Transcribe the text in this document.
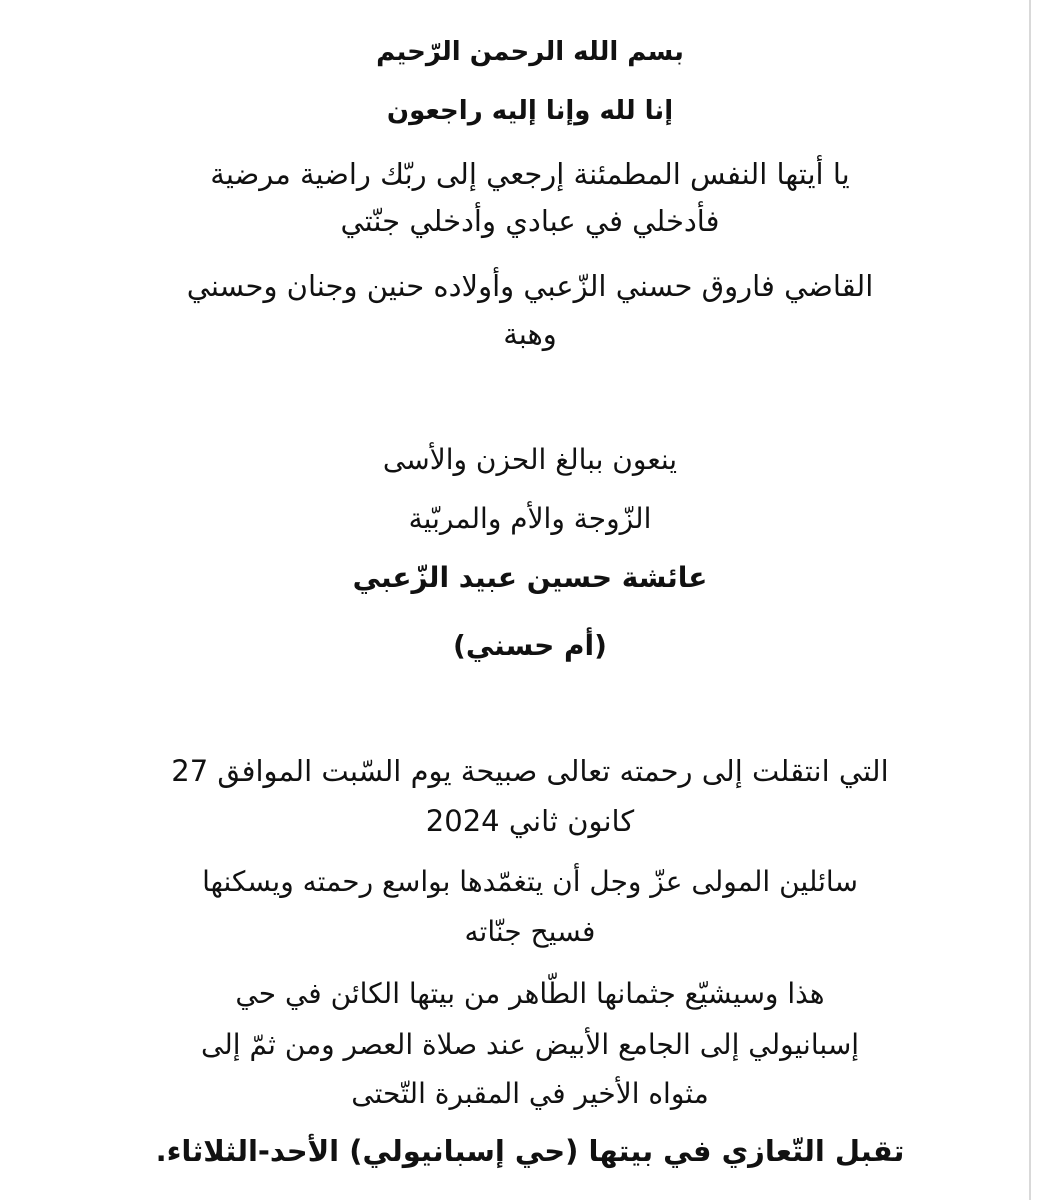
بسم الله الرحمن الرّحيم
إنا لله وإنا إليه راجعون
يا أيتها النفس المطمئنة إرجعي إلى ربّك راضية مرضية
فأدخلي في عبادي وأدخلي جنّتي
القاضي فاروق حسني الزّعبي وأولاده حنين وجنان وحسني
وهبة
ينعون ببالغ الحزن والأسى
الزّوجة والأم والمربّية
عائشة حسين عبيد الزّعبي
(أم حسني)
التي انتقلت إلى رحمته تعالى صبيحة يوم السّبت الموافق 27
كانون ثاني 2024
سائلين المولى عزّ وجل أن يتغمّدها بواسع رحمته ويسكنها
فسيح جنّاته
هذا وسيشيّع جثمانها الطّاهر من بيتها الكائن في حي
إسبانيولي إلى الجامع الأبيض عند صلاة العصر ومن ثمّ إلى
مثواه الأخير في المقبرة التّحتى
تقبل التّعازي في بيتها (حي إسبانيولي) الأحد-الثلاثاء.
